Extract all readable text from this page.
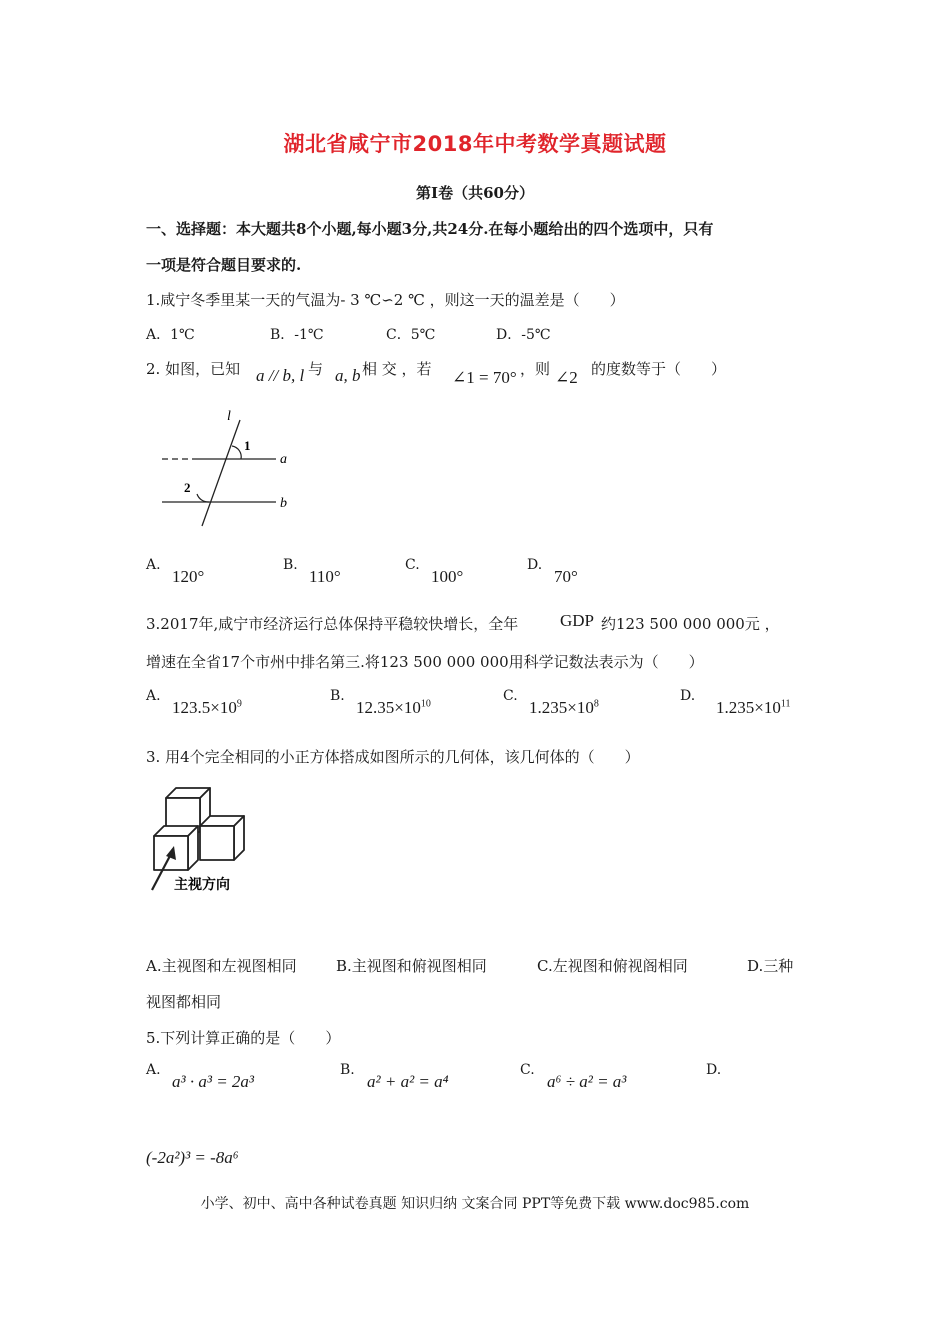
湖北省咸宁市2018年中考数学真题试题
第Ⅰ卷（共60分）
一、选择题：本大题共8个小题,每小题3分,共24分.在每小题给出的四个选项中，只有
一项是符合题目要求的.
1.咸宁冬季里某一天的气温为- 3 ℃∽2 ℃ ，则这一天的温差是（　　）
A．1℃	B．-1℃	C．5℃	D．-5℃
2. 如图，已知 a // b, l 与 a, b 相 交 ，若 ∠1 = 70° ，则 ∠2 的度数等于（　　）
l
1
a
2
b
A.
120°
B.
110°
C.
100°
D.
70°
3.2017年,咸宁市经济运行总体保持平稳较快增长，全年 GDP 约123 500 000 000元 ，
增速在全省17个市州中排名第三.将123 500 000 000用科学记数法表示为（　　）
A.
$123.5\times 10^9$	B.
$12.35\times 10^{10}$	C.
$1.235\times 10^8$	D.
$1.235\times 10^{11}$
3. 用4个完全相同的小正方体搭成如图所示的几何体，该几何体的（　　）
主视方向
A.主视图和左视图相同	B.主视图和俯视图相同	C.左视图和俯视阁相同	D.三种
视图都相同
5.下列计算正确的是（　　）
A.
a³ · a³ = 2a³
B.
a² + a² = a⁴
C.
a⁶ ÷ a² = a³
D.
(-2a²)³ = -8a⁶
小学、初中、高中各种试卷真题 知识归纳 文案合同 PPT等免费下载 www.doc985.com
